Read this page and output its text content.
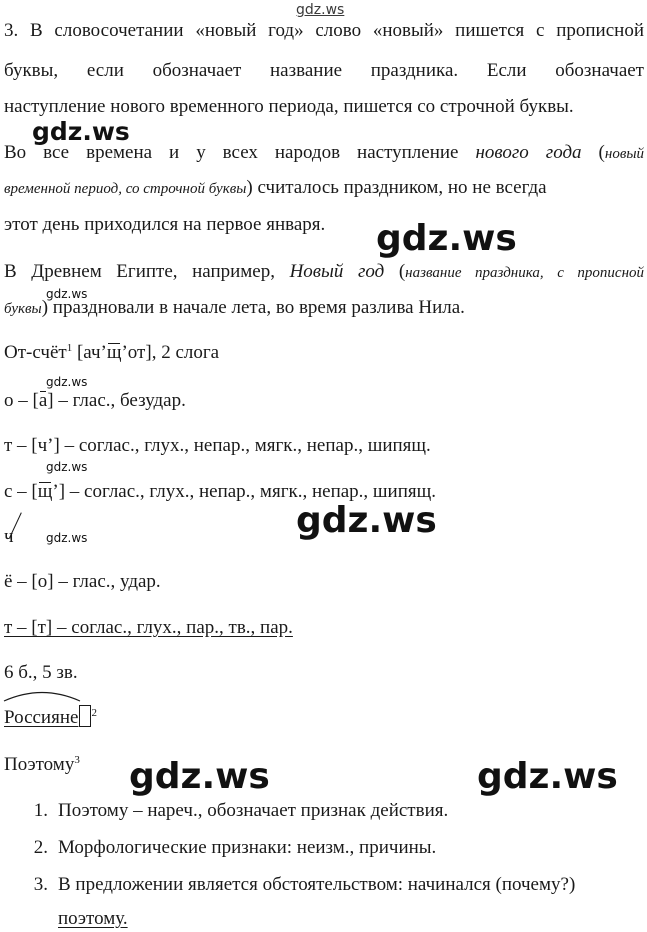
gdz.ws
3. В словосочетании «новый год» слово «новый» пишется с прописной
буквы, если обозначает название праздника. Если обозначает
наступление нового временного периода, пишется со строчной буквы.
gdz.ws
Во все времена и у всех народов наступление нового года (новый
временной период, со строчной буквы) считалось праздником, но не всегда
этот день приходился на первое января.	gdz.ws
В Древнем Египте, например, Новый год (название праздника, с прописной
gdz.ws
буквы) праздновали в начале лета, во время разлива Нила.
От-счёт$^1$ [ач’щ’от], 2 слога
gdz.ws
о – [а] – глас., безудар.
т – [ч’] – соглас., глух., непар., мягк., непар., шипящ.
gdz.ws
с – [щ’] – соглас., глух., непар., мягк., непар., шипящ.
gdz.ws
ч	gdz.ws
ё – [о] – глас., удар.
т – [т] – соглас., глух., пар., тв., пар.
6 б., 5 зв.
Россияне $^2$
Поэтому$^3$	gdz.ws	gdz.ws
1. Поэтому – нареч., обозначает признак действия.
2. Морфологические признаки: неизм., причины.
3. В предложении является обстоятельством: начинался (почему?)
поэтому.
